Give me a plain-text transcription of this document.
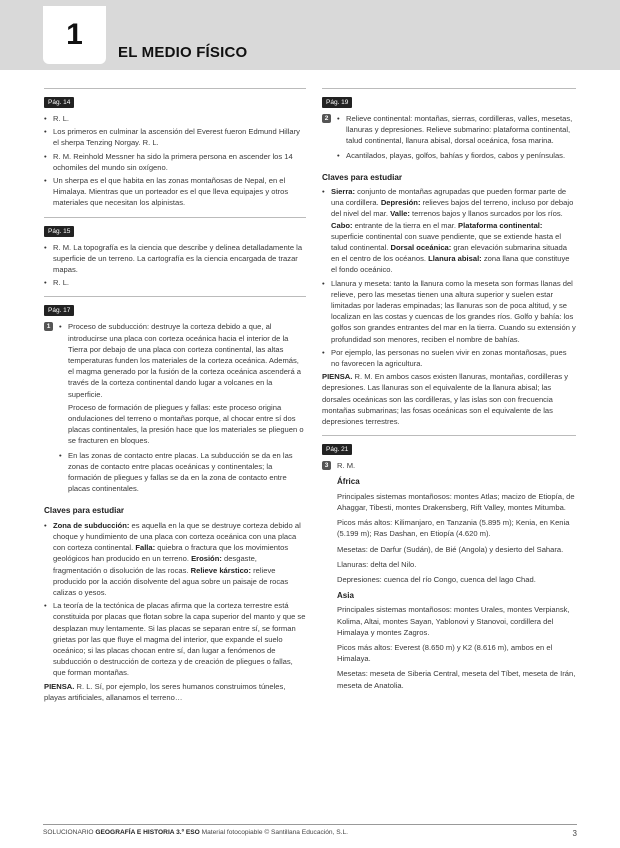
1
EL MEDIO FÍSICO
Pág. 14
• R. L.
• Los primeros en culminar la ascensión del Everest fueron Edmund Hillary el sherpa Tenzing Norgay. R. L.
• R. M. Reinhold Messner ha sido la primera persona en ascender los 14 ochomiles del mundo sin oxígeno.
• Un sherpa es el que habita en las zonas montañosas de Nepal, en el Himalaya. Mientras que un porteador es el que lleva equipajes y otros materiales que necesitan los alpinistas.
Pág. 15
• R. M. La topografía es la ciencia que describe y delinea detalladamente la superficie de un terreno. La cartografía es la ciencia encargada de trazar mapas.
• R. L.
Pág. 17
1	• Proceso de subducción: destruye la corteza debido a que, al introducirse una placa con corteza oceánica hacia el interior de la Tierra por debajo de una placa con corteza continental, las altas temperaturas funden los materiales de la corteza oceánica. Además, el magma generado por la fusión de la corteza oceánica ascenderá a través de la corteza continental dando lugar a volcanes en la superficie.
Proceso de formación de pliegues y fallas: este proceso origina ondulaciones del terreno o montañas porque, al chocar entre sí dos placas continentales, la presión hace que los materiales se plieguen o se fracturen en bloques.
• En las zonas de contacto entre placas. La subducción se da en las zonas de contacto entre placas oceánicas y continentales; la formación de pliegues y fallas se da en la zona de contacto entre placas continentales.
Claves para estudiar
• Zona de subducción: es aquella en la que se destruye corteza debido al choque y hundimiento de una placa con corteza oceánica con una placa con corteza continental. Falla: quiebra o fractura que los movimientos geológicos han producido en un terreno. Erosión: desgaste, fragmentación o disolución de las rocas. Relieve kárstico: relieve producido por la acción disolvente del agua sobre un paisaje de rocas calizas o yesos.
• La teoría de la tectónica de placas afirma que la corteza terrestre está constituida por placas que flotan sobre la capa superior del manto y que se desplazan muy lentamente. Si las placas se separan entre sí, se forman grietas por las que fluye el magma del interior, que expande el suelo oceánico; si las placas chocan entre sí, dan lugar a fenómenos de subducción o destrucción de corteza y de creación de pliegues o fallas, que forman montañas.
PIENSA. R. L. Sí, por ejemplo, los seres humanos construimos túneles, playas artificiales, allanamos el terreno…
Pág. 19
2	• Relieve continental: montañas, sierras, cordilleras, valles, mesetas, llanuras y depresiones. Relieve submarino: plataforma continental, talud continental, llanura abisal, dorsal oceánica, fosa marina.
• Acantilados, playas, golfos, bahías y fiordos, cabos y penínsulas.
Claves para estudiar
• Sierra: conjunto de montañas agrupadas que pueden formar parte de una cordillera. Depresión: relieves bajos del terreno, incluso por debajo del nivel del mar. Valle: terrenos bajos y llanos surcados por los ríos. Cabo: entrante de la tierra en el mar. Plataforma continental: superficie continental con suave pendiente, que se extiende hasta el talud continental. Dorsal oceánica: gran elevación submarina situada en el centro de los océanos. Llanura abisal: zona llana que constituye el fondo oceánico.
• Llanura y meseta: tanto la llanura como la meseta son formas llanas del relieve, pero las mesetas tienen una altura superior y suelen estar limitadas por laderas empinadas; las llanuras son de poca altitud, y se localizan en las costas y cuencas de los grandes ríos. Golfo y bahía: los golfos son grandes entrantes del mar en la tierra. Cuando su extensión y profundidad son menores, reciben el nombre de bahías.
• Por ejemplo, las personas no suelen vivir en zonas montañosas, pues no favorecen la agricultura.
PIENSA. R. M. En ambos casos existen llanuras, montañas, cordilleras y depresiones. Las llanuras son el equivalente de la llanura abisal; las dorsales oceánicas son las cordilleras, y las islas son con frecuencia montañas submarinas; las fosas oceánicas son el equivalente de las depresiones terrestres.
Pág. 21
3	R. M.
África
Principales sistemas montañosos: montes Atlas; macizo de Etiopía, de Ahaggar, Tibesti, montes Drakensberg, Rift Valley, montes Mitumba.
Picos más altos: Kilimanjaro, en Tanzania (5.895 m); Kenia, en Kenia (5.199 m); Ras Dashan, en Etiopía (4.620 m).
Mesetas: de Darfur (Sudán), de Bié (Angola) y desierto del Sahara.
Llanuras: delta del Nilo.
Depresiones: cuenca del río Congo, cuenca del lago Chad.
Asia
Principales sistemas montañosos: montes Urales, montes Verpiansk, Kolima, Altai, montes Sayan, Yablonovi y Stanovoi, cordillera del Himalaya y montes Zagros.
Picos más altos: Everest (8.650 m) y K2 (8.616 m), ambos en el Himalaya.
Mesetas: meseta de Siberia Central, meseta del Tíbet, meseta de Irán, meseta de Anatolia.
SOLUCIONARIO GEOGRAFÍA E HISTORIA 3.º ESO Material fotocopiable © Santillana Educación, S.L.	3
